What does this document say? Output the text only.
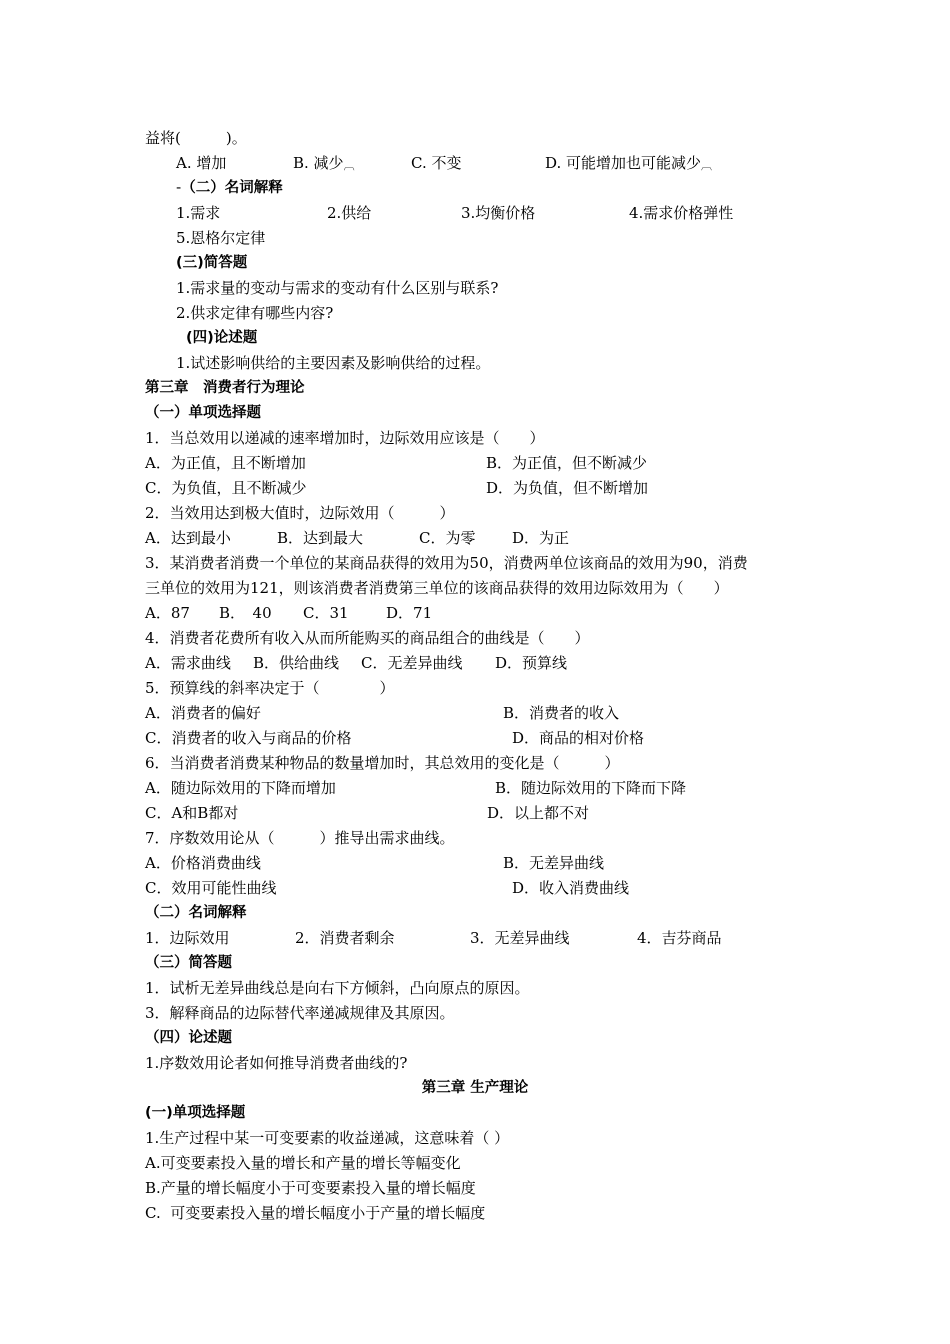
益将(　　　)。
A. 增加	B. 减少︹	C. 不变	D. 可能增加也可能减少︹
-（二）名词解释
1.需求	2.供给	3.均衡价格	4.需求价格弹性
5.恩格尔定律
(三)简答题
1.需求量的变动与需求的变动有什么区别与联系?
2.供求定律有哪些内容?
(四)论述题
1.试述影响供给的主要因素及影响供给的过程。
第三章　消费者行为理论
（一）单项选择题
1．当总效用以递减的速率增加时，边际效用应该是（　　）
A．为正值，且不断增加	B．为正值，但不断减少
C．为负值，且不断减少	D．为负值，但不断增加
2．当效用达到极大值时，边际效用（　　　）
A．达到最小	B．达到最大	C．为零 D．为正
3．某消费者消费一个单位的某商品获得的效用为50，消费两单位该商品的效用为90，消费
三单位的效用为121，则该消费者消费第三单位的该商品获得的效用边际效用为（　　）
A．87 B．　40 C．31 D．71
4．消费者花费所有收入从而所能购买的商品组合的曲线是（　　）
A．需求曲线 B．供给曲线 C．无差异曲线 D．预算线
5．预算线的斜率决定于（　　　　）
A．消费者的偏好	B．消费者的收入
C．消费者的收入与商品的价格	D．商品的相对价格
6．当消费者消费某种物品的数量增加时，其总效用的变化是（　　　）
A．随边际效用的下降而增加	B．随边际效用的下降而下降
C．A和B都对	D．以上都不对
7．序数效用论从（　　　）推导出需求曲线。
A．价格消费曲线	B．无差异曲线
C．效用可能性曲线	D．收入消费曲线
（二）名词解释
1．边际效用	2．消费者剩余	3．无差异曲线	4．吉芬商品
（三）简答题
1．试析无差异曲线总是向右下方倾斜，凸向原点的原因。
3．解释商品的边际替代率递减规律及其原因。
（四）论述题
1.序数效用论者如何推导消费者曲线的?
第三章 生产理论
(一)单项选择题
1.生产过程中某一可变要素的收益递减，这意味着（ ）
A.可变要素投入量的增长和产量的增长等幅变化
B.产量的增长幅度小于可变要素投入量的增长幅度
C.  可变要素投入量的增长幅度小于产量的增长幅度
